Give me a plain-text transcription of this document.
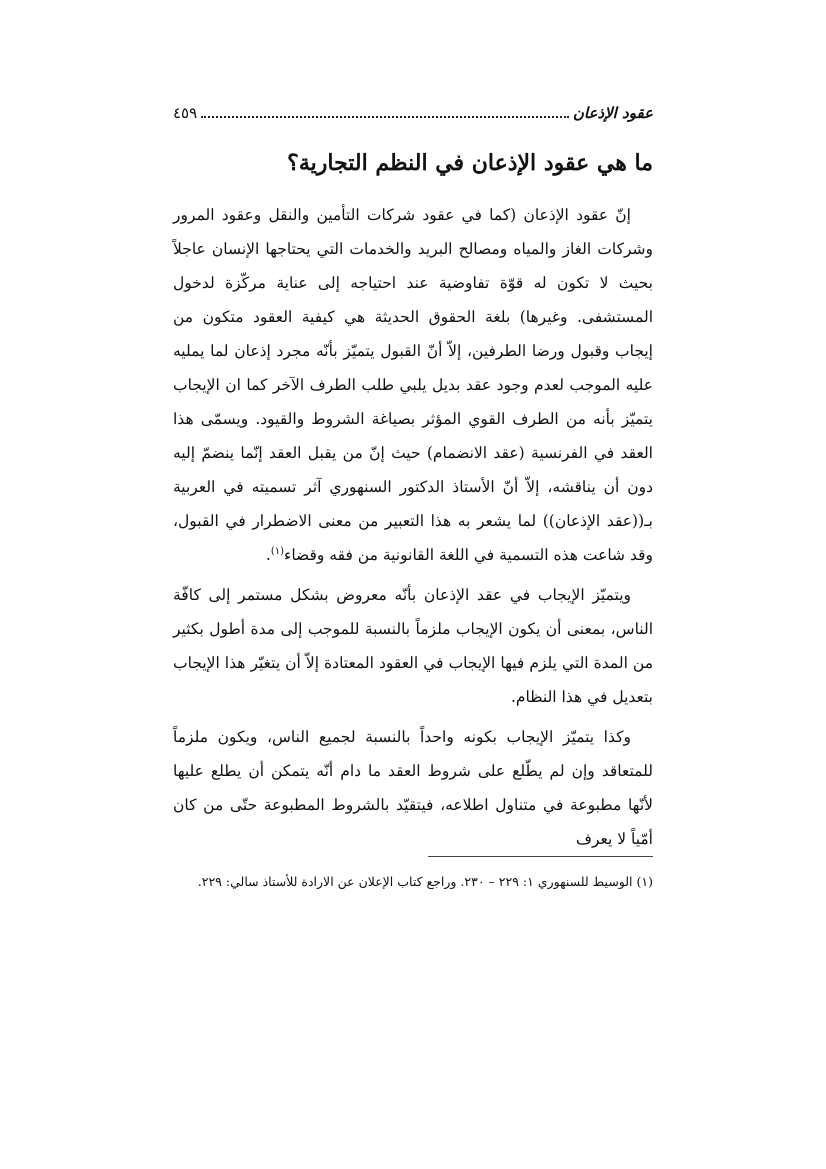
عقود الإذعان
٤٥٩
ما هي عقود الإذعان في النظم التجارية؟

إنّ عقود الإذعان (كما في عقود شركات التأمين والنقل وعقود المرور وشركات الغاز والمياه ومصالح البريد والخدمات التي يحتاجها الإنسان عاجلاً بحيث لا تكون له قوّة تفاوضية عند احتياجه إلى عناية مركّزة لدخول المستشفى. وغيرها) بلغة الحقوق الحديثة هي كيفية العقود متكون من إيجاب وقبول ورضا الطرفين، إلاّ أنّ القبول يتميّز بأنّه مجرد إذعان لما يمليه عليه الموجب لعدم وجود عقد بديل يلبي طلب الطرف الآخر كما ان الإيجاب يتميّز بأنه من الطرف القوي المؤثر بصياغة الشروط والقيود. ويسمّى هذا العقد في الفرنسية (عقد الانضمام) حيث إنّ من يقبل العقد إنّما ينضمّ إليه دون أن يناقشه، إلاّ أنّ الأستاذ الدكتور السنهوري آثر تسميته في العربية بـ((عقد الإذعان)) لما يشعر به هذا التعبير من معنى الاضطرار في القبول، وقد شاعت هذه التسمية في اللغة القانونية من فقه وقضاء$^{(١)}$.

ويتميّز الإيجاب في عقد الإذعان بأنّه معروض بشكل مستمر إلى كافّة الناس، بمعنى أن يكون الإيجاب ملزماً بالنسبة للموجب إلى مدة أطول بكثير من المدة التي يلزم فيها الإيجاب في العقود المعتادة إلاّ أن يتغيّر هذا الإيجاب بتعديل في هذا النظام.

وكذا يتميّز الإيجاب بكونه واحداً بالنسبة لجميع الناس، ويكون ملزماً للمتعاقد وإن لم يطّلع على شروط العقد ما دام أنّه يتمكن أن يطلع عليها لأنّها مطبوعة في متناول اطلاعه، فيتقيّد بالشروط المطبوعة حتّى من كان أمّياً لا يعرف

(١) الوسيط للسنهوري ١: ٢٢٩ – ٢٣٠. وراجع كتاب الإعلان عن الارادة للأستاذ سالي: ٢٢٩.
